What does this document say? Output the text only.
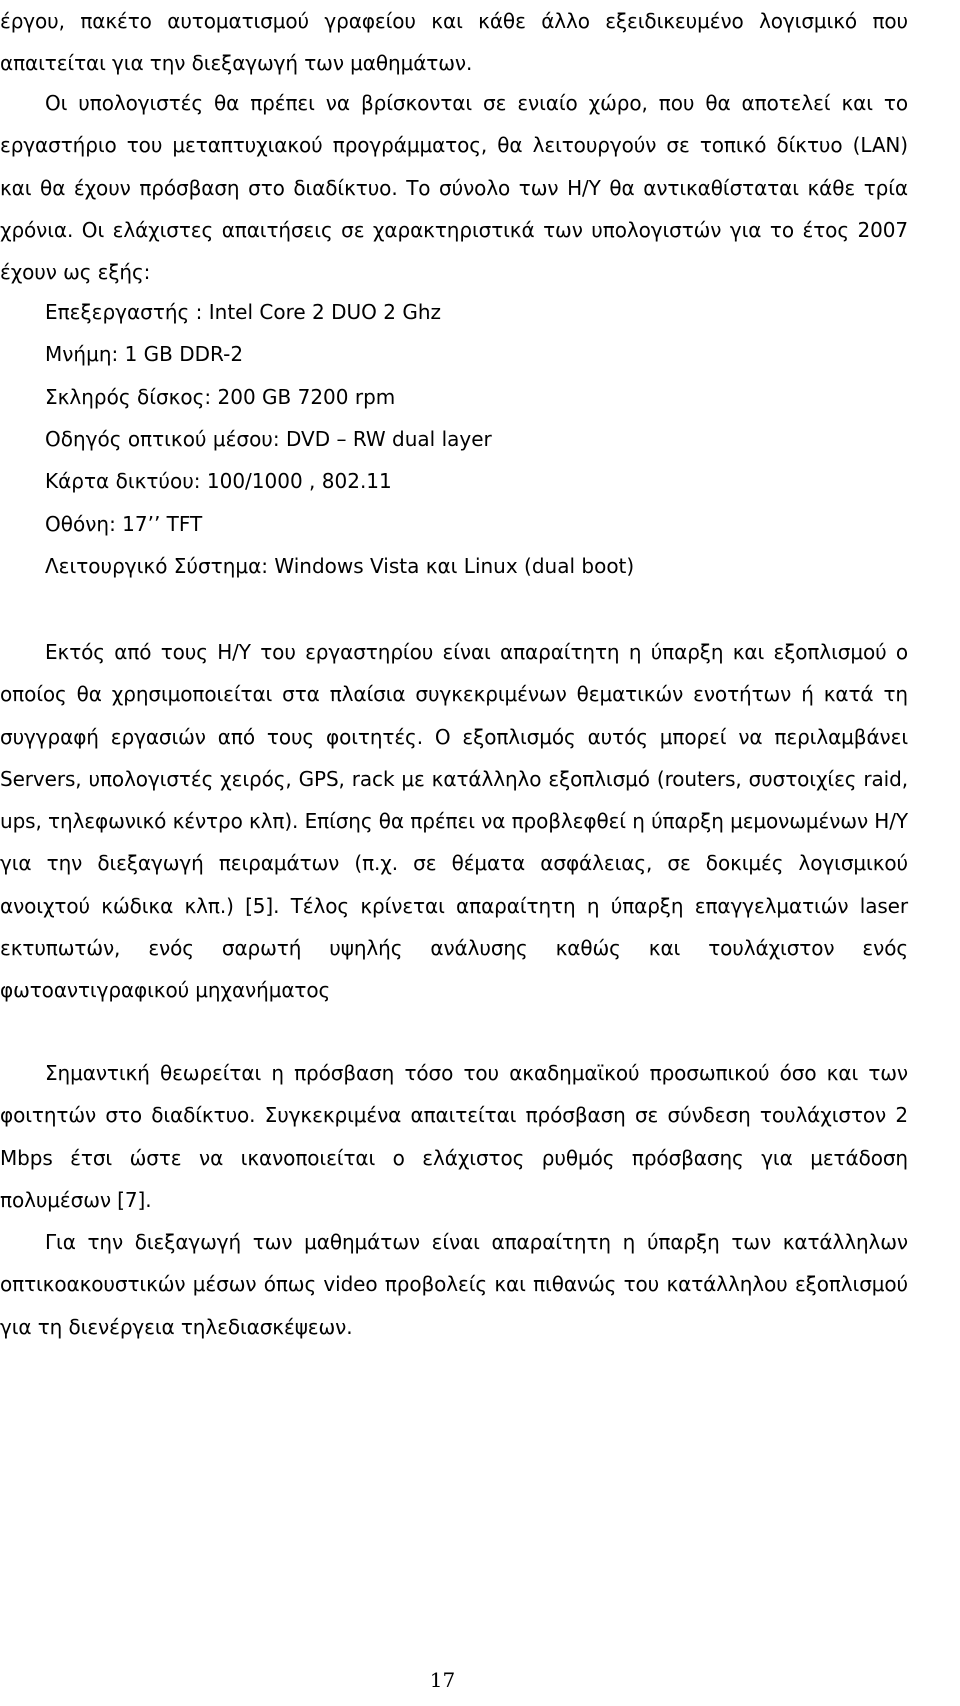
έργου, πακέτο αυτοματισμού γραφείου και κάθε άλλο εξειδικευμένο λογισμικό που απαιτείται για την διεξαγωγή των μαθημάτων.

Οι υπολογιστές θα πρέπει να βρίσκονται σε ενιαίο χώρο, που θα αποτελεί και το εργαστήριο του μεταπτυχιακού προγράμματος, θα λειτουργούν σε τοπικό δίκτυο (LAN) και θα έχουν πρόσβαση στο διαδίκτυο. Το σύνολο των Η/Υ θα αντικαθίσταται κάθε τρία χρόνια. Οι ελάχιστες απαιτήσεις σε χαρακτηριστικά των υπολογιστών για το έτος 2007 έχουν ως εξής:

Επεξεργαστής : Intel Core 2 DUO 2 Ghz

Μνήμη: 1 GB DDR-2

Σκληρός δίσκος: 200 GB 7200 rpm

Οδηγός οπτικού μέσου: DVD – RW dual layer

Κάρτα δικτύου: 100/1000 , 802.11

Οθόνη: 17’’ TFT

Λειτουργικό Σύστημα: Windows Vista και Linux (dual boot)

Εκτός από τους Η/Υ του εργαστηρίου είναι απαραίτητη η ύπαρξη και εξοπλισμού ο οποίος θα χρησιμοποιείται στα πλαίσια συγκεκριμένων θεματικών ενοτήτων ή κατά τη συγγραφή εργασιών από τους φοιτητές. Ο εξοπλισμός αυτός μπορεί να περιλαμβάνει Servers, υπολογιστές χειρός, GPS, rack με κατάλληλο εξοπλισμό (routers, συστοιχίες raid, ups, τηλεφωνικό κέντρο κλπ). Επίσης θα πρέπει να προβλεφθεί η ύπαρξη μεμονωμένων Η/Υ για την διεξαγωγή πειραμάτων (π.χ. σε θέματα ασφάλειας, σε δοκιμές λογισμικού ανοιχτού κώδικα κλπ.) [5]. Τέλος κρίνεται απαραίτητη η ύπαρξη επαγγελματιών laser εκτυπωτών, ενός σαρωτή υψηλής ανάλυσης καθώς και τουλάχιστον ενός φωτοαντιγραφικού μηχανήματος

Σημαντική θεωρείται η πρόσβαση τόσο του ακαδημαϊκού προσωπικού όσο και των φοιτητών στο διαδίκτυο. Συγκεκριμένα απαιτείται πρόσβαση σε σύνδεση τουλάχιστον 2 Mbps έτσι ώστε να ικανοποιείται ο ελάχιστος ρυθμός πρόσβασης για μετάδοση πολυμέσων [7].

Για την διεξαγωγή των μαθημάτων είναι απαραίτητη η ύπαρξη των κατάλληλων οπτικοακουστικών μέσων όπως video προβολείς και πιθανώς του κατάλληλου εξοπλισμού για τη διενέργεια τηλεδιασκέψεων.

17
